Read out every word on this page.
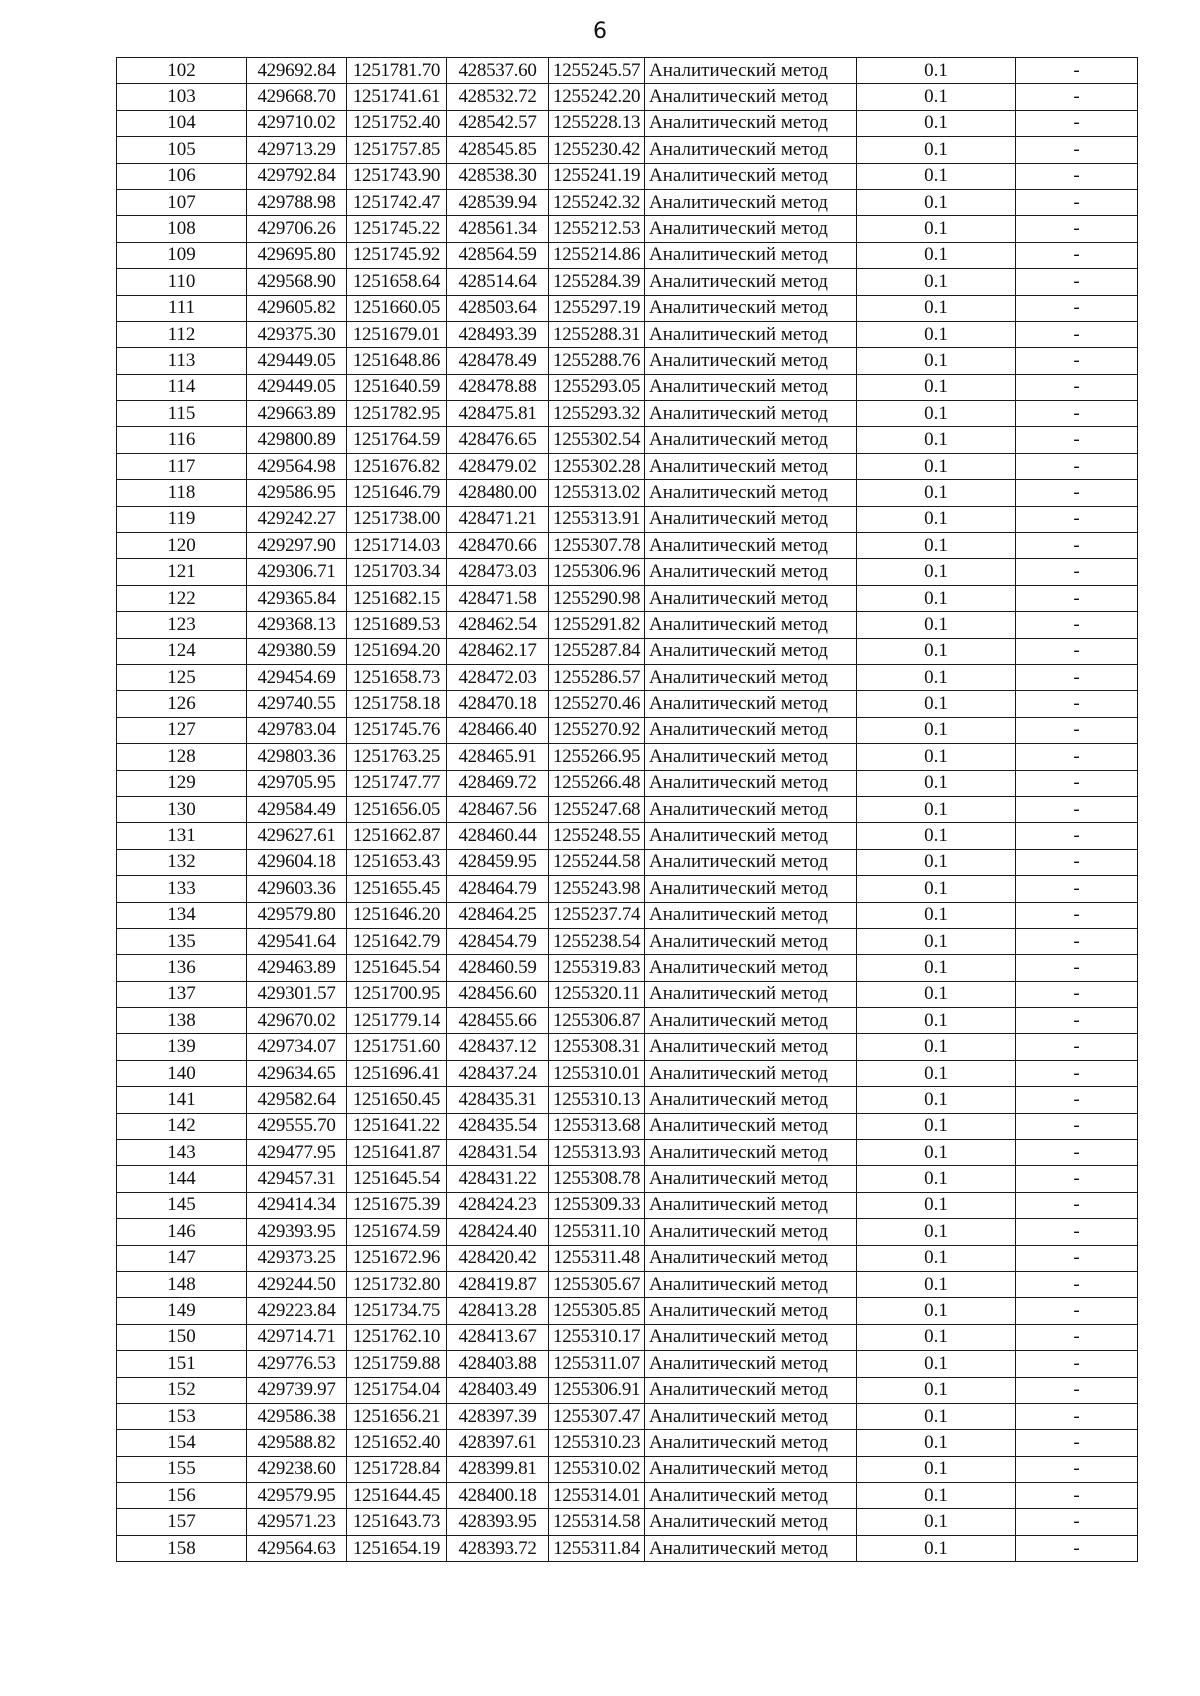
6
102	429692.84	1251781.70	428537.60	1255245.57	Аналитический метод	0.1	-
103	429668.70	1251741.61	428532.72	1255242.20	Аналитический метод	0.1	-
104	429710.02	1251752.40	428542.57	1255228.13	Аналитический метод	0.1	-
105	429713.29	1251757.85	428545.85	1255230.42	Аналитический метод	0.1	-
106	429792.84	1251743.90	428538.30	1255241.19	Аналитический метод	0.1	-
107	429788.98	1251742.47	428539.94	1255242.32	Аналитический метод	0.1	-
108	429706.26	1251745.22	428561.34	1255212.53	Аналитический метод	0.1	-
109	429695.80	1251745.92	428564.59	1255214.86	Аналитический метод	0.1	-
110	429568.90	1251658.64	428514.64	1255284.39	Аналитический метод	0.1	-
111	429605.82	1251660.05	428503.64	1255297.19	Аналитический метод	0.1	-
112	429375.30	1251679.01	428493.39	1255288.31	Аналитический метод	0.1	-
113	429449.05	1251648.86	428478.49	1255288.76	Аналитический метод	0.1	-
114	429449.05	1251640.59	428478.88	1255293.05	Аналитический метод	0.1	-
115	429663.89	1251782.95	428475.81	1255293.32	Аналитический метод	0.1	-
116	429800.89	1251764.59	428476.65	1255302.54	Аналитический метод	0.1	-
117	429564.98	1251676.82	428479.02	1255302.28	Аналитический метод	0.1	-
118	429586.95	1251646.79	428480.00	1255313.02	Аналитический метод	0.1	-
119	429242.27	1251738.00	428471.21	1255313.91	Аналитический метод	0.1	-
120	429297.90	1251714.03	428470.66	1255307.78	Аналитический метод	0.1	-
121	429306.71	1251703.34	428473.03	1255306.96	Аналитический метод	0.1	-
122	429365.84	1251682.15	428471.58	1255290.98	Аналитический метод	0.1	-
123	429368.13	1251689.53	428462.54	1255291.82	Аналитический метод	0.1	-
124	429380.59	1251694.20	428462.17	1255287.84	Аналитический метод	0.1	-
125	429454.69	1251658.73	428472.03	1255286.57	Аналитический метод	0.1	-
126	429740.55	1251758.18	428470.18	1255270.46	Аналитический метод	0.1	-
127	429783.04	1251745.76	428466.40	1255270.92	Аналитический метод	0.1	-
128	429803.36	1251763.25	428465.91	1255266.95	Аналитический метод	0.1	-
129	429705.95	1251747.77	428469.72	1255266.48	Аналитический метод	0.1	-
130	429584.49	1251656.05	428467.56	1255247.68	Аналитический метод	0.1	-
131	429627.61	1251662.87	428460.44	1255248.55	Аналитический метод	0.1	-
132	429604.18	1251653.43	428459.95	1255244.58	Аналитический метод	0.1	-
133	429603.36	1251655.45	428464.79	1255243.98	Аналитический метод	0.1	-
134	429579.80	1251646.20	428464.25	1255237.74	Аналитический метод	0.1	-
135	429541.64	1251642.79	428454.79	1255238.54	Аналитический метод	0.1	-
136	429463.89	1251645.54	428460.59	1255319.83	Аналитический метод	0.1	-
137	429301.57	1251700.95	428456.60	1255320.11	Аналитический метод	0.1	-
138	429670.02	1251779.14	428455.66	1255306.87	Аналитический метод	0.1	-
139	429734.07	1251751.60	428437.12	1255308.31	Аналитический метод	0.1	-
140	429634.65	1251696.41	428437.24	1255310.01	Аналитический метод	0.1	-
141	429582.64	1251650.45	428435.31	1255310.13	Аналитический метод	0.1	-
142	429555.70	1251641.22	428435.54	1255313.68	Аналитический метод	0.1	-
143	429477.95	1251641.87	428431.54	1255313.93	Аналитический метод	0.1	-
144	429457.31	1251645.54	428431.22	1255308.78	Аналитический метод	0.1	-
145	429414.34	1251675.39	428424.23	1255309.33	Аналитический метод	0.1	-
146	429393.95	1251674.59	428424.40	1255311.10	Аналитический метод	0.1	-
147	429373.25	1251672.96	428420.42	1255311.48	Аналитический метод	0.1	-
148	429244.50	1251732.80	428419.87	1255305.67	Аналитический метод	0.1	-
149	429223.84	1251734.75	428413.28	1255305.85	Аналитический метод	0.1	-
150	429714.71	1251762.10	428413.67	1255310.17	Аналитический метод	0.1	-
151	429776.53	1251759.88	428403.88	1255311.07	Аналитический метод	0.1	-
152	429739.97	1251754.04	428403.49	1255306.91	Аналитический метод	0.1	-
153	429586.38	1251656.21	428397.39	1255307.47	Аналитический метод	0.1	-
154	429588.82	1251652.40	428397.61	1255310.23	Аналитический метод	0.1	-
155	429238.60	1251728.84	428399.81	1255310.02	Аналитический метод	0.1	-
156	429579.95	1251644.45	428400.18	1255314.01	Аналитический метод	0.1	-
157	429571.23	1251643.73	428393.95	1255314.58	Аналитический метод	0.1	-
158	429564.63	1251654.19	428393.72	1255311.84	Аналитический метод	0.1	-
